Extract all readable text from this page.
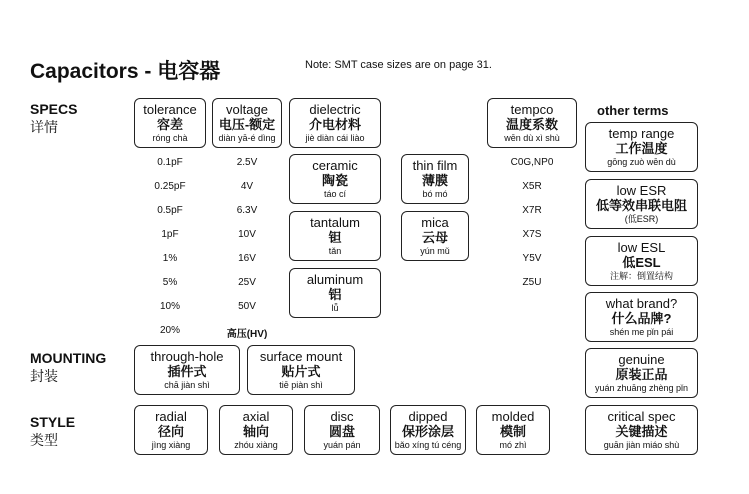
Capacitors - 电容器	Note: SMT case sizes are on page 31.
SPECS
详情
MOUNTING
封装
STYLE
类型
tolerance
容差
róng chà
voltage
电压-额定
diàn yā-é dìng
dielectric
介电材料
jiè diàn cái liào
tempco
温度系数
wēn dù xì shù
0.1pF
0.25pF
0.5pF
1pF
1%
5%
10%
20%
2.5V
4V
6.3V
10V
16V
25V
50V
高压(HV)
C0G,NP0
X5R
X7R
X7S
Y5V
Z5U
ceramic
陶瓷
táo cí
thin film
薄膜
bó mó
tantalum
钽
tǎn
mica
云母
yún mǔ
aluminum
铝
lǚ
through-hole
插件式
chā jiàn shì
surface mount
贴片式
tiē piàn shì
radial
径向
jìng xiàng
axial
轴向
zhóu xiàng
disc
圆盘
yuán pán
dipped
保形涂层
bǎo xíng tú céng
molded
模制
mó zhì
other terms
temp range
工作温度
gōng zuò wēn dù
low ESR
低等效串联电阻
(低ESR)
low ESL
低ESL
注解：倒置结构
what brand?
什么品牌?
shén me pǐn pái
genuine
原装正品
yuán zhuāng zhèng pǐn
critical spec
关键描述
guān jiàn miáo shù
